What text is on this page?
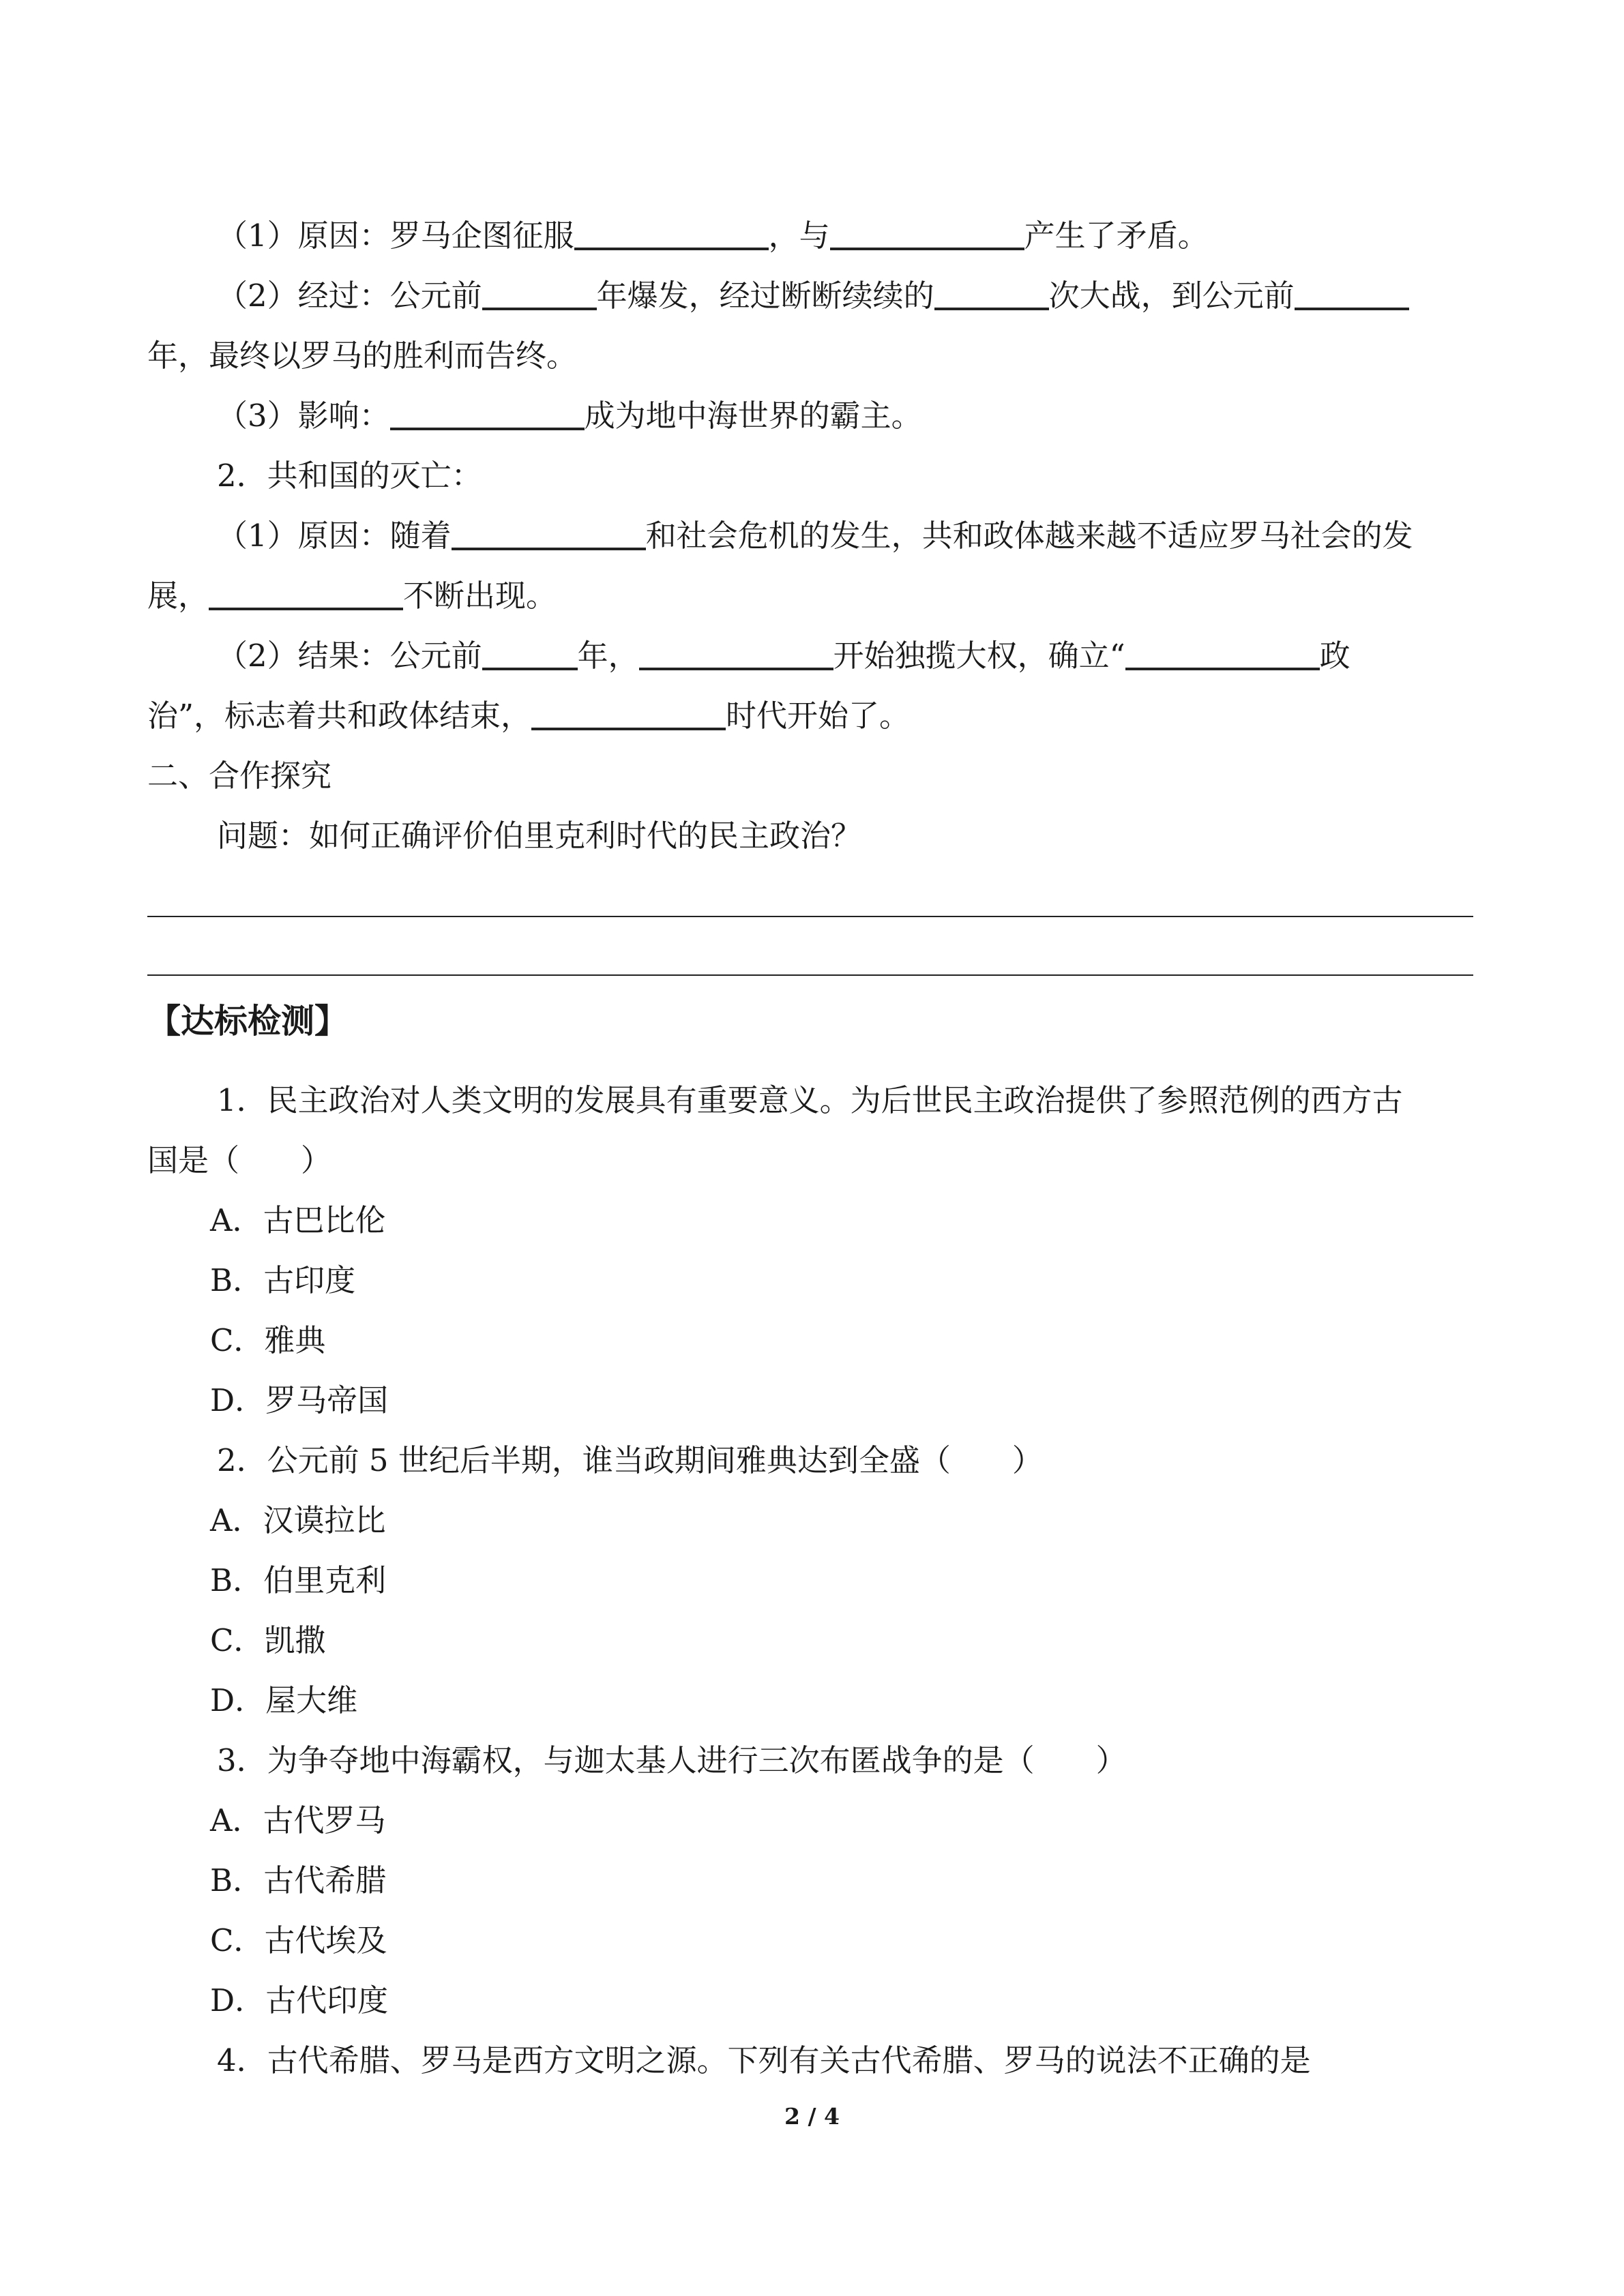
（1）原因：罗马企图征服	，与	产生了矛盾。
（2）经过：公元前	年爆发，经过断断续续的	次大战，到公元前
年，最终以罗马的胜利而告终。
（3）影响：	成为地中海世界的霸主。
2．共和国的灭亡：
（1）原因：随着	和社会危机的发生，共和政体越来越不适应罗马社会的发
展，	不断出现。
（2）结果：公元前	年，	开始独揽大权，确立“	政
治”，标志着共和政体结束，	时代开始了。
二、合作探究
问题：如何正确评价伯里克利时代的民主政治？
【达标检测】
1．民主政治对人类文明的发展具有重要意义。为后世民主政治提供了参照范例的西方古
国是（　　）
A．古巴比伦
B．古印度
C．雅典
D．罗马帝国
2．公元前 5 世纪后半期，谁当政期间雅典达到全盛（　　）
A．汉谟拉比
B．伯里克利
C．凯撒
D．屋大维
3．为争夺地中海霸权，与迦太基人进行三次布匿战争的是（　　）
A．古代罗马
B．古代希腊
C．古代埃及
D．古代印度
4．古代希腊、罗马是西方文明之源。下列有关古代希腊、罗马的说法不正确的是
2 / 4
